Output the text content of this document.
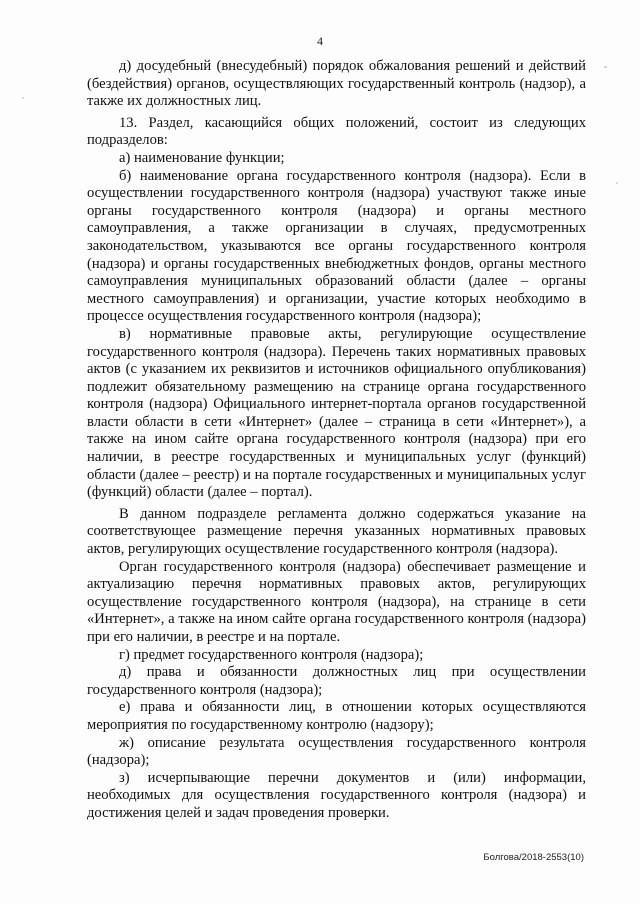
4

д) досудебный (внесудебный) порядок обжалования решений и действий (бездействия) органов, осуществляющих государственный контроль (надзор), а также их должностных лиц.

13. Раздел, касающийся общих положений, состоит из следующих подразделов:

а) наименование функции;

б) наименование органа государственного контроля (надзора). Если в осуществлении государственного контроля (надзора) участвуют также иные органы государственного контроля (надзора) и органы местного самоуправления, а также организации в случаях, предусмотренных законодательством, указываются все органы государственного контроля (надзора) и органы государственных внебюджетных фондов, органы местного самоуправления муниципальных образований области (далее – органы местного самоуправления) и организации, участие которых необходимо в процессе осуществления государственного контроля (надзора);

в) нормативные правовые акты, регулирующие осуществление государственного контроля (надзора). Перечень таких нормативных правовых актов (с указанием их реквизитов и источников официального опубликования) подлежит обязательному размещению на странице органа государственного контроля (надзора) Официального интернет-портала органов государственной власти области в сети «Интернет» (далее – страница в сети «Интернет»), а также на ином сайте органа государственного контроля (надзора) при его наличии, в реестре государственных и муниципальных услуг (функций) области (далее – реестр) и на портале государственных и муниципальных услуг (функций) области (далее – портал).

В данном подразделе регламента должно содержаться указание на соответствующее размещение перечня указанных нормативных правовых актов, регулирующих осуществление государственного контроля (надзора).

Орган государственного контроля (надзора) обеспечивает размещение и актуализацию перечня нормативных правовых актов, регулирующих осуществление государственного контроля (надзора), на странице в сети «Интернет», а также на ином сайте органа государственного контроля (надзора) при его наличии, в реестре и на портале.

г) предмет государственного контроля (надзора);

д) права и обязанности должностных лиц при осуществлении государственного контроля (надзора);

е) права и обязанности лиц, в отношении которых осуществляются мероприятия по государственному контролю (надзору);

ж) описание результата осуществления государственного контроля (надзора);

з) исчерпывающие перечни документов и (или) информации, необходимых для осуществления государственного контроля (надзора) и достижения целей и задач проведения проверки.

Болгова/2018-2553(10)
